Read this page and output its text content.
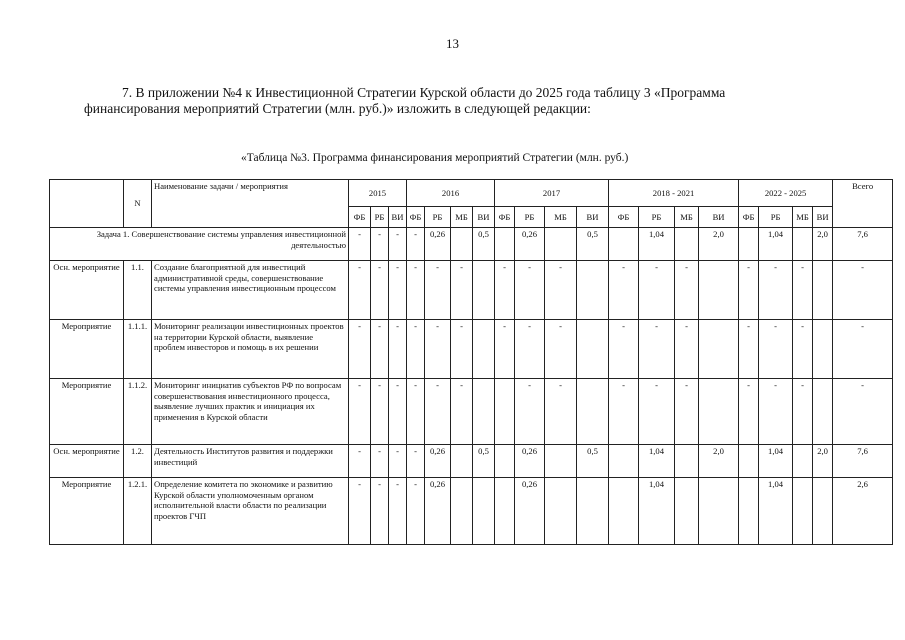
13
7. В приложении №4 к Инвестиционной Стратегии Курской области до 2025 года таблицу 3 «Программа
финансирования мероприятий Стратегии (млн. руб.)» изложить в следующей редакции:
«Таблица №3. Программа финансирования мероприятий Стратегии (млн. руб.)
	N	Наименование задачи / мероприятия	2015			2016				2017				2018 - 2021				2022 - 2025				Всего
			ФБ	РБ	ВИ	ФБ	РБ	МБ	ВИ	ФБ	РБ	МБ	ВИ	ФБ	РБ	МБ	ВИ	ФБ	РБ	МБ	ВИ	
Задача 1. Совершенствование системы управления инвестиционной деятельностью			-	-	-	-	0,26		0,5		0,26		0,5		1,04		2,0		1,04		2,0	7,6
Осн. мероприятие	1.1.	Создание благоприятной для инвестиций административной среды, совершенствование системы управления инвестиционным процессом	-	-	-	-	-	-		-	-	-		-	-	-		-	-	-		-
Мероприятие	1.1.1.	Мониторинг реализации инвестиционных проектов на территории Курской области, выявление проблем инвесторов и помощь в их решении	-	-	-	-	-	-		-	-	-		-	-	-		-	-	-		-
Мероприятие	1.1.2.	Мониторинг инициатив субъектов РФ по вопросам совершенствования инвестиционного процесса, выявление лучших практик и инициация их применения в Курской области	-	-	-	-	-	-			-	-		-	-	-		-	-	-		-
Осн. мероприятие	1.2.	Деятельность Институтов развития и поддержки инвестиций	-	-	-	-	0,26		0,5		0,26		0,5		1,04		2,0		1,04		2,0	7,6
Мероприятие	1.2.1.	Определение комитета по экономике и развитию Курской области уполномоченным органом исполнительной власти области по реализации проектов ГЧП	-	-	-	-	0,26				0,26				1,04				1,04			2,6
